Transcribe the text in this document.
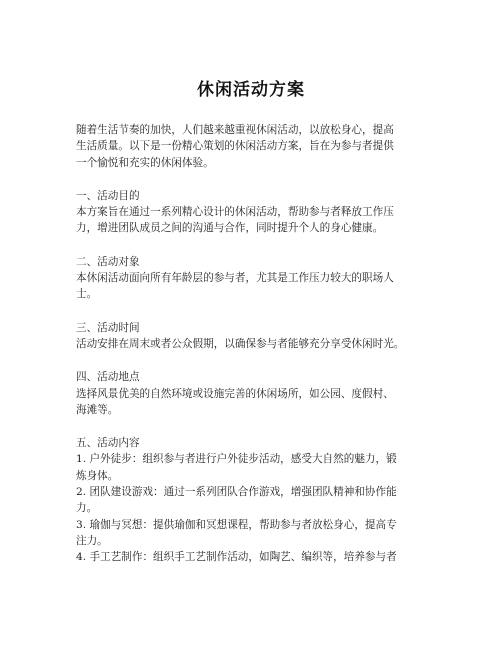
休闲活动方案
随着生活节奏的加快，人们越来越重视休闲活动，以放松身心，提高
生活质量。以下是一份精心策划的休闲活动方案，旨在为参与者提供
一个愉悦和充实的休闲体验。
一、活动目的
本方案旨在通过一系列精心设计的休闲活动，帮助参与者释放工作压
力，增进团队成员之间的沟通与合作，同时提升个人的身心健康。
二、活动对象
本休闲活动面向所有年龄层的参与者，尤其是工作压力较大的职场人
士。
三、活动时间
活动安排在周末或者公众假期，以确保参与者能够充分享受休闲时光。
四、活动地点
选择风景优美的自然环境或设施完善的休闲场所，如公园、度假村、
海滩等。
五、活动内容
1. 户外徒步：组织参与者进行户外徒步活动，感受大自然的魅力，锻
炼身体。
2. 团队建设游戏：通过一系列团队合作游戏，增强团队精神和协作能
力。
3. 瑜伽与冥想：提供瑜伽和冥想课程，帮助参与者放松身心，提高专
注力。
4. 手工艺制作：组织手工艺制作活动，如陶艺、编织等，培养参与者
